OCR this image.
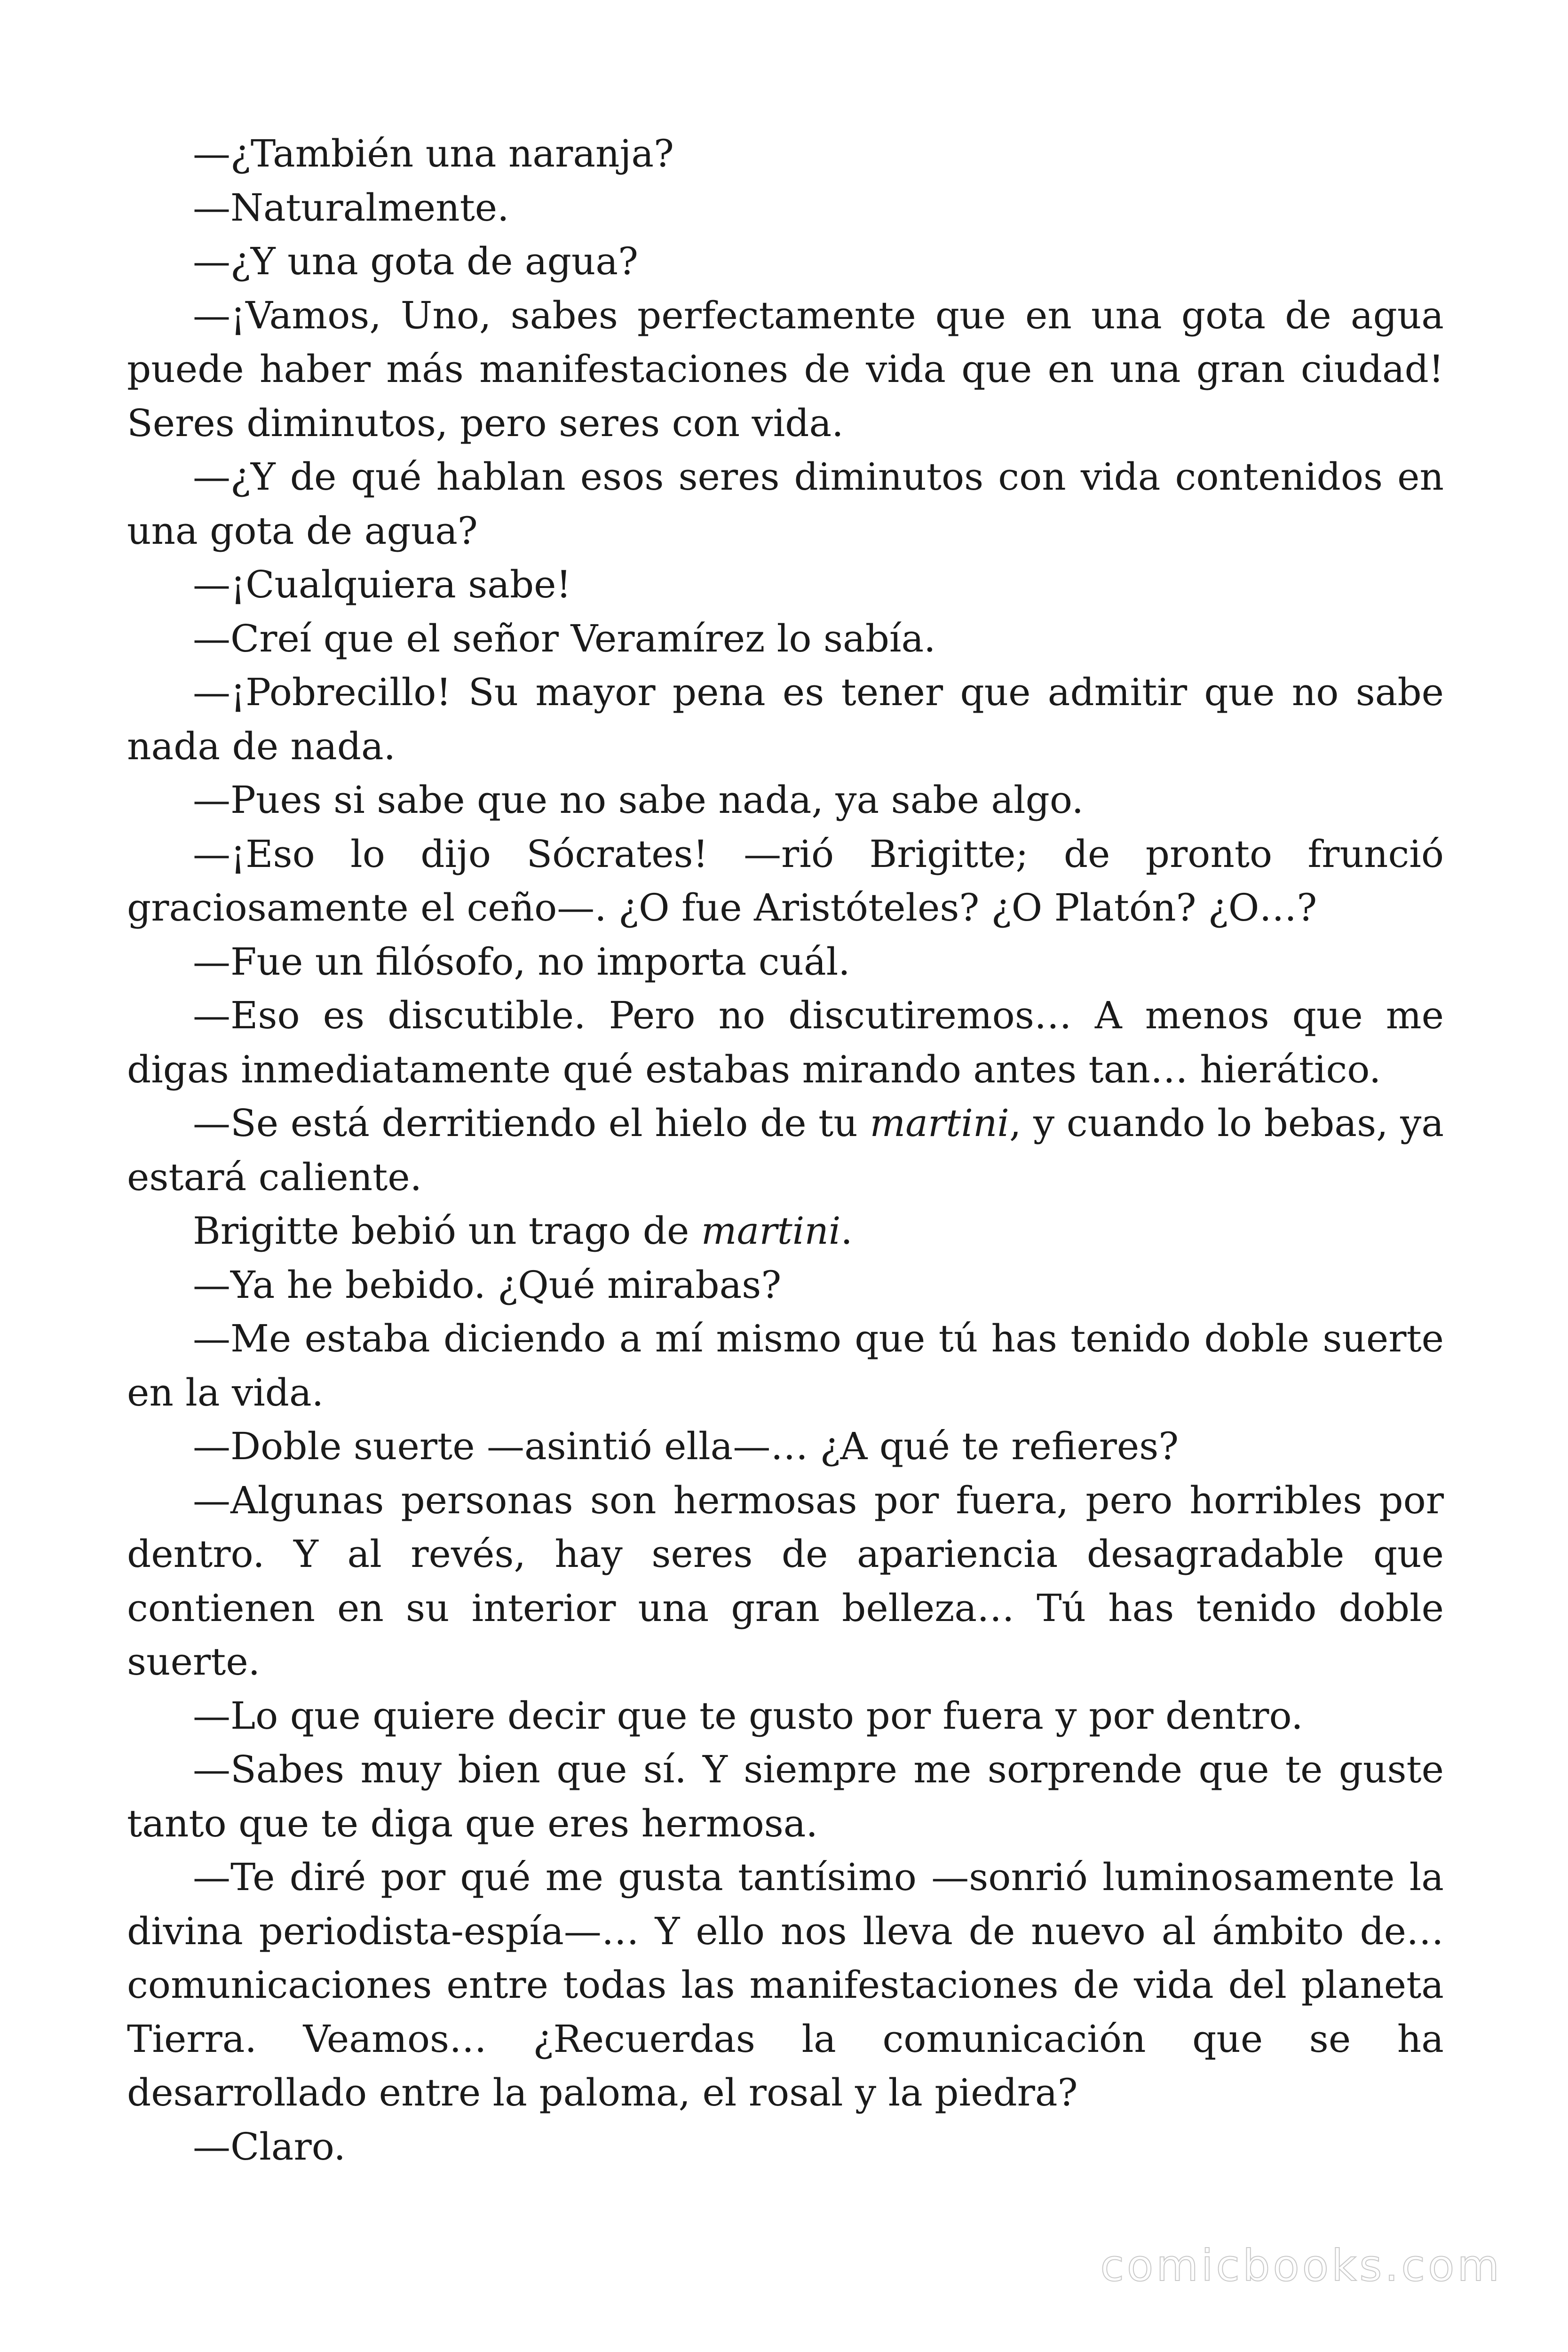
—¿También una naranja?

—Naturalmente.

—¿Y una gota de agua?

—¡Vamos, Uno, sabes perfectamente que en una gota de agua puede haber más manifestaciones de vida que en una gran ciudad! Seres diminutos, pero seres con vida.

—¿Y de qué hablan esos seres diminutos con vida contenidos en una gota de agua?

—¡Cualquiera sabe!

—Creí que el señor Veramírez lo sabía.

—¡Pobrecillo! Su mayor pena es tener que admitir que no sabe nada de nada.

—Pues si sabe que no sabe nada, ya sabe algo.

—¡Eso lo dijo Sócrates! —rió Brigitte; de pronto frunció graciosamente el ceño—. ¿O fue Aristóteles? ¿O Platón? ¿O…?

—Fue un filósofo, no importa cuál.

—Eso es discutible. Pero no discutiremos… A menos que me digas inmediatamente qué estabas mirando antes tan… hierático.

—Se está derritiendo el hielo de tu martini, y cuando lo bebas, ya estará caliente.

Brigitte bebió un trago de martini.

—Ya he bebido. ¿Qué mirabas?

—Me estaba diciendo a mí mismo que tú has tenido doble suerte en la vida.

—Doble suerte —asintió ella—… ¿A qué te refieres?

—Algunas personas son hermosas por fuera, pero horribles por dentro. Y al revés, hay seres de apariencia desagradable que contienen en su interior una gran belleza… Tú has tenido doble suerte.

—Lo que quiere decir que te gusto por fuera y por dentro.

—Sabes muy bien que sí. Y siempre me sorprende que te guste tanto que te diga que eres hermosa.

—Te diré por qué me gusta tantísimo —sonrió luminosamente la divina periodista-espía—… Y ello nos lleva de nuevo al ámbito de… comunicaciones entre todas las manifestaciones de vida del planeta Tierra. Veamos… ¿Recuerdas la comunicación que se ha desarrollado entre la paloma, el rosal y la piedra?

—Claro.

comicbooks.com
